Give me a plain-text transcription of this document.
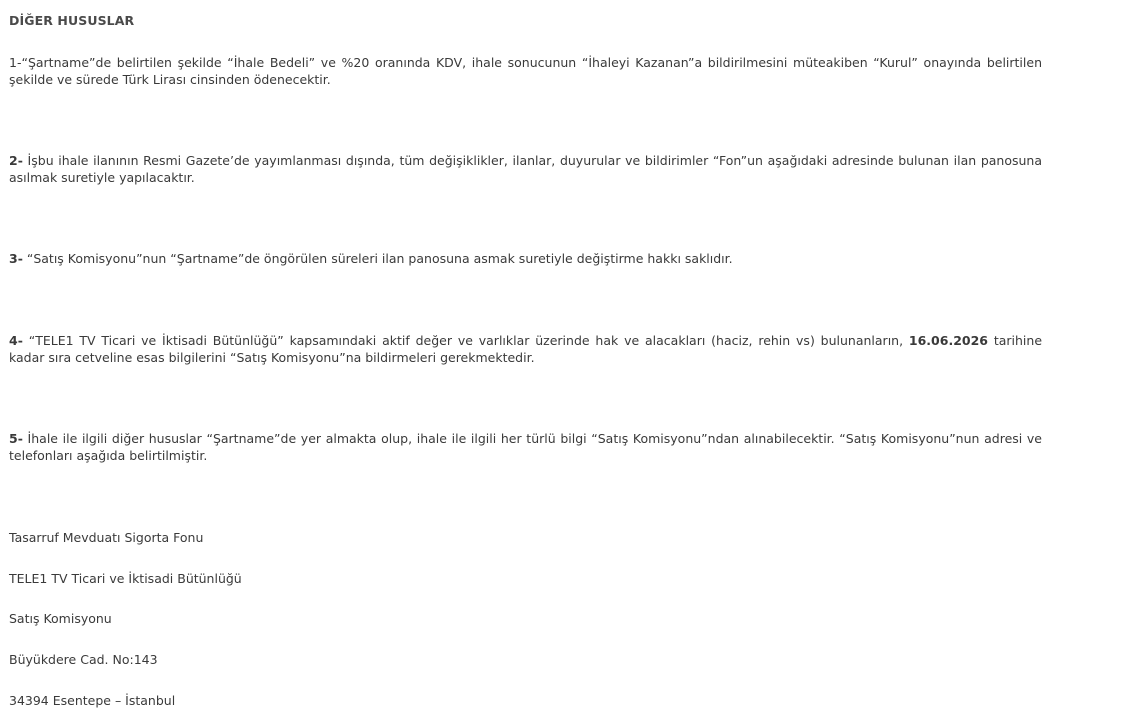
DİĞER HUSUSLAR

1-“Şartname”de belirtilen şekilde “İhale Bedeli” ve %20 oranında KDV, ihale sonucunun “İhaleyi Kazanan”a bildirilmesini müteakiben “Kurul” onayında belirtilen şekilde ve sürede Türk Lirası cinsinden ödenecektir.

2- İşbu ihale ilanının Resmi Gazete’de yayımlanması dışında, tüm değişiklikler, ilanlar, duyurular ve bildirimler “Fon”un aşağıdaki adresinde bulunan ilan panosuna asılmak suretiyle yapılacaktır.

3- “Satış Komisyonu”nun “Şartname”de öngörülen süreleri ilan panosuna asmak suretiyle değiştirme hakkı saklıdır.

4- “TELE1 TV Ticari ve İktisadi Bütünlüğü” kapsamındaki aktif değer ve varlıklar üzerinde hak ve alacakları (haciz, rehin vs) bulunanların, 16.06.2026 tarihine kadar sıra cetveline esas bilgilerini “Satış Komisyonu”na bildirmeleri gerekmektedir.

5- İhale ile ilgili diğer hususlar “Şartname”de yer almakta olup, ihale ile ilgili her türlü bilgi “Satış Komisyonu”ndan alınabilecektir. “Satış Komisyonu”nun adresi ve telefonları aşağıda belirtilmiştir.

Tasarruf Mevduatı Sigorta Fonu
TELE1 TV Ticari ve İktisadi Bütünlüğü
Satış Komisyonu
Büyükdere Cad. No:143
34394 Esentepe – İstanbul
